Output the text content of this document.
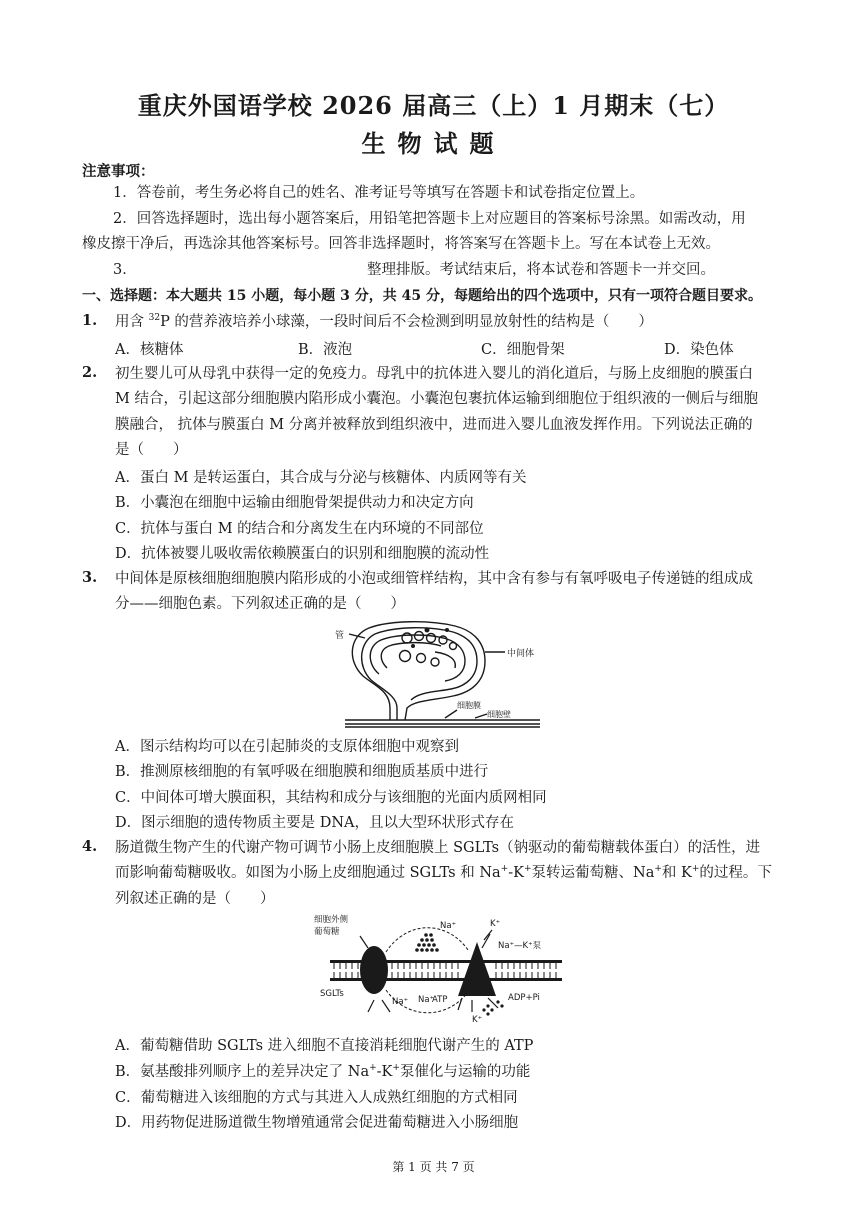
重庆外国语学校 2026 届高三（上）1 月期末（七）
生物试题
注意事项：
1．答卷前，考生务必将自己的姓名、准考证号等填写在答题卡和试卷指定位置上。
2．回答选择题时，选出每小题答案后，用铅笔把答题卡上对应题目的答案标号涂黑。如需改动，用
橡皮擦干净后，再选涂其他答案标号。回答非选择题时，将答案写在答题卡上。写在本试卷上无效。
3．	整理排版。考试结束后，将本试卷和答题卡一并交回。
一、选择题：本大题共 15 小题，每小题 3 分，共 45 分，每题给出的四个选项中，只有一项符合题目要求。
1. 用含 $^{32}$P 的营养液培养小球藻，一段时间后不会检测到明显放射性的结构是（　　）
A．核糖体	B．液泡	C．细胞骨架	D．染色体
2. 初生婴儿可从母乳中获得一定的免疫力。母乳中的抗体进入婴儿的消化道后，与肠上皮细胞的膜蛋白
M 结合，引起这部分细胞膜内陷形成小囊泡。小囊泡包裹抗体运输到细胞位于组织液的一侧后与细胞
膜融合， 抗体与膜蛋白 M 分离并被释放到组织液中，进而进入婴儿血液发挥作用。下列说法正确的
是（　　）
A．蛋白 M 是转运蛋白，其合成与分泌与核糖体、内质网等有关
B．小囊泡在细胞中运输由细胞骨架提供动力和决定方向
C．抗体与蛋白 M 的结合和分离发生在内环境的不同部位
D．抗体被婴儿吸收需依赖膜蛋白的识别和细胞膜的流动性
3. 中间体是原核细胞细胞膜内陷形成的小泡或细管样结构，其中含有参与有氧呼吸电子传递链的组成成
分——细胞色素。下列叙述正确的是（　　）
管
中间体
细胞膜
细胞壁
A．图示结构均可以在引起肺炎的支原体细胞中观察到
B．推测原核细胞的有氧呼吸在细胞膜和细胞质基质中进行
C．中间体可增大膜面积，其结构和成分与该细胞的光面内质网相同
D．图示细胞的遗传物质主要是 DNA，且以大型环状形式存在
4. 肠道微生物产生的代谢产物可调节小肠上皮细胞膜上 SGLTs（钠驱动的葡萄糖载体蛋白）的活性，进
而影响葡萄糖吸收。如图为小肠上皮细胞通过 SGLTs 和 Na+-K+泵转运葡萄糖、Na+和 K+的过程。下
列叙述正确的是（　　）
细胞外侧
葡萄糖
Na⁺	K⁺
Na⁺—K⁺泵
SGLTs
Na⁺ Na⁺
ATP	ADP+Pi
K⁺
A．葡萄糖借助 SGLTs 进入细胞不直接消耗细胞代谢产生的 ATP
B．氨基酸排列顺序上的差异决定了 Na+-K+泵催化与运输的功能
C．葡萄糖进入该细胞的方式与其进入人成熟红细胞的方式相同
D．用药物促进肠道微生物增殖通常会促进葡萄糖进入小肠细胞
第 1 页 共 7 页
